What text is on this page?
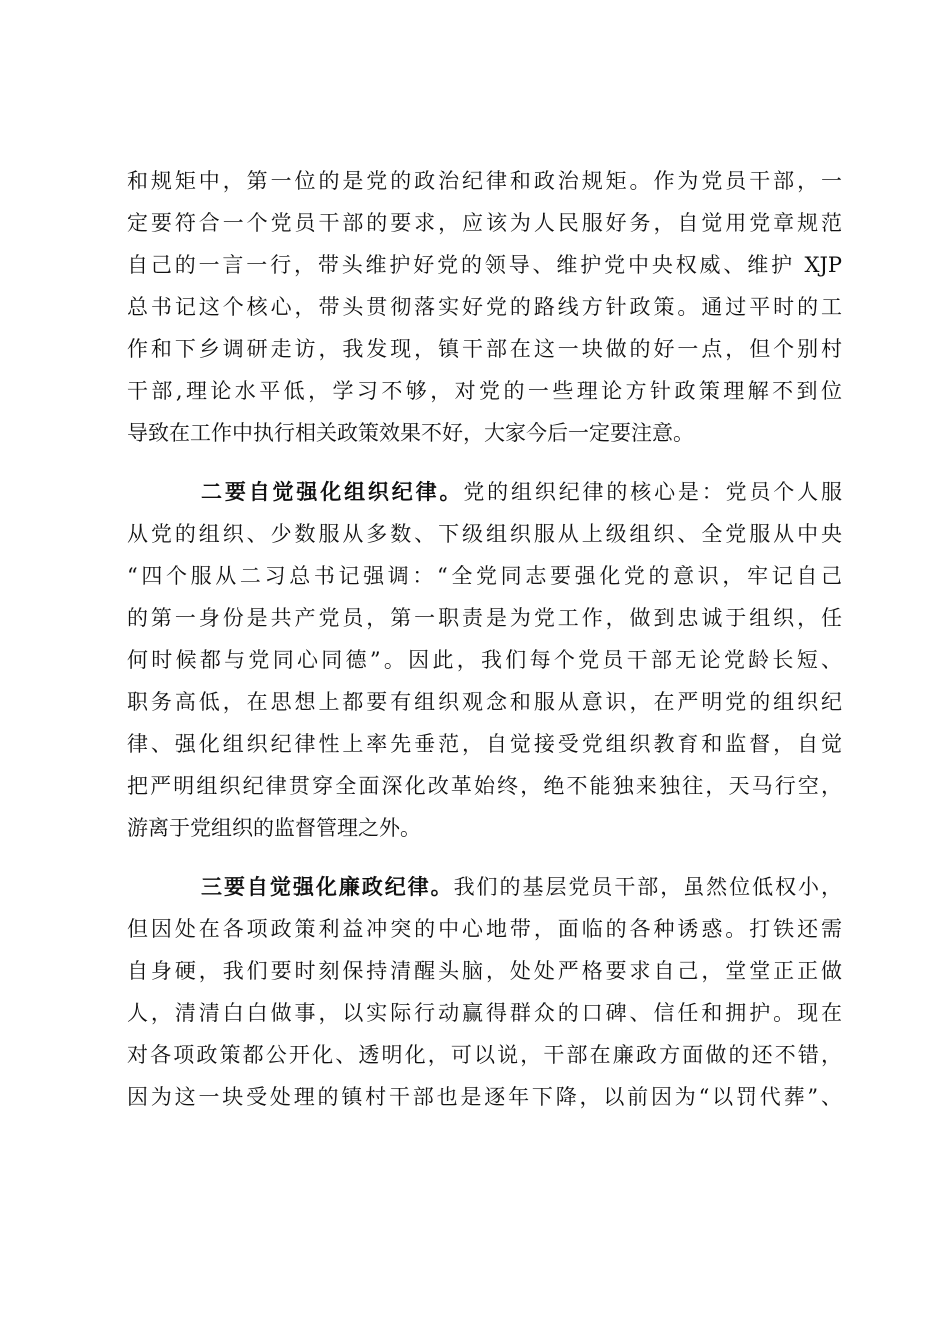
和规矩中，第一位的是党的政治纪律和政治规矩。作为党员干部，一
定要符合一个党员干部的要求，应该为人民服好务，自觉用党章规范
自己的一言一行，带头维护好党的领导、维护党中央权威、维护 XJP
总书记这个核心，带头贯彻落实好党的路线方针政策。通过平时的工
作和下乡调研走访，我发现，镇干部在这一块做的好一点，但个别村
干部,理论水平低，学习不够，对党的一些理论方针政策理解不到位
导致在工作中执行相关政策效果不好，大家今后一定要注意。
二要自觉强化组织纪律。党的组织纪律的核心是：党员个人服
从党的组织、少数服从多数、下级组织服从上级组织、全党服从中央
“四个服从二习总书记强调：“全党同志要强化党的意识，牢记自己
的第一身份是共产党员，第一职责是为党工作，做到忠诚于组织，任
何时候都与党同心同德”。因此，我们每个党员干部无论党龄长短、
职务高低，在思想上都要有组织观念和服从意识，在严明党的组织纪
律、强化组织纪律性上率先垂范，自觉接受党组织教育和监督，自觉
把严明组织纪律贯穿全面深化改革始终，绝不能独来独往，天马行空，
游离于党组织的监督管理之外。
三要自觉强化廉政纪律。我们的基层党员干部，虽然位低权小，
但因处在各项政策利益冲突的中心地带，面临的各种诱惑。打铁还需
自身硬，我们要时刻保持清醒头脑，处处严格要求自己，堂堂正正做
人，清清白白做事，以实际行动赢得群众的口碑、信任和拥护。现在
对各项政策都公开化、透明化，可以说，干部在廉政方面做的还不错，
因为这一块受处理的镇村干部也是逐年下降，以前因为“以罚代葬”、
